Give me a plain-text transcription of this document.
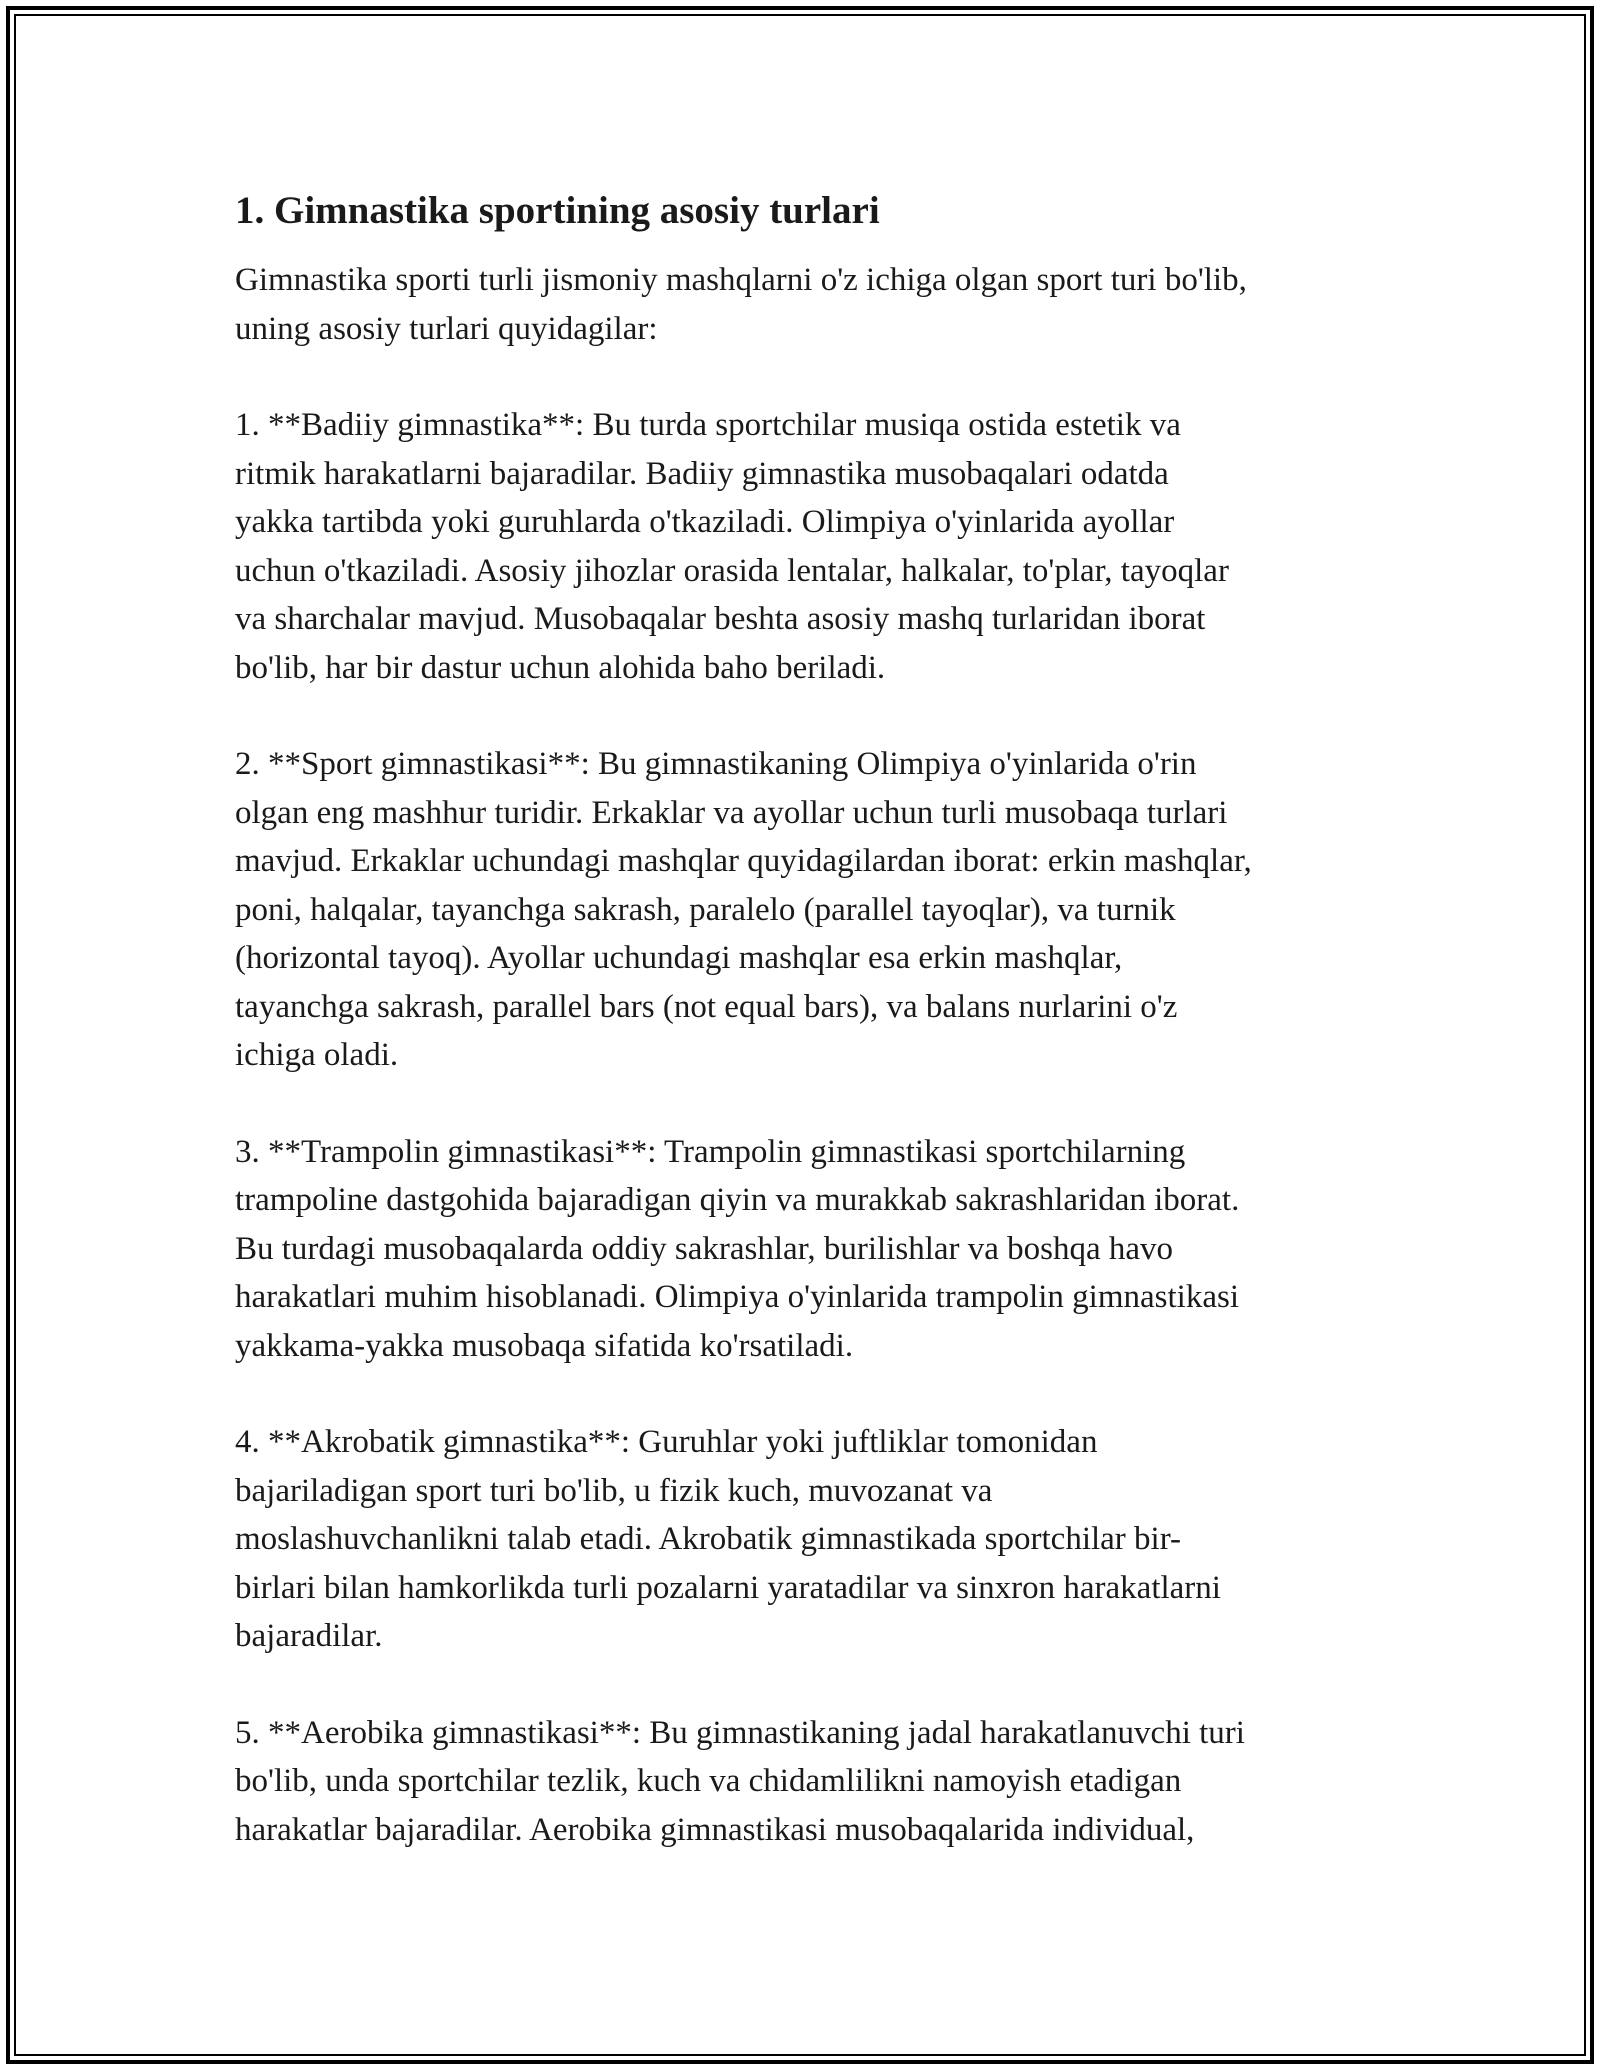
1. Gimnastika sportining asosiy turlari

Gimnastika sporti turli jismoniy mashqlarni o'z ichiga olgan sport turi bo'lib,
uning asosiy turlari quyidagilar:

1. **Badiiy gimnastika**: Bu turda sportchilar musiqa ostida estetik va
ritmik harakatlarni bajaradilar. Badiiy gimnastika musobaqalari odatda
yakka tartibda yoki guruhlarda o'tkaziladi. Olimpiya o'yinlarida ayollar
uchun o'tkaziladi. Asosiy jihozlar orasida lentalar, halkalar, to'plar, tayoqlar
va sharchalar mavjud. Musobaqalar beshta asosiy mashq turlaridan iborat
bo'lib, har bir dastur uchun alohida baho beriladi.

2. **Sport gimnastikasi**: Bu gimnastikaning Olimpiya o'yinlarida o'rin
olgan eng mashhur turidir. Erkaklar va ayollar uchun turli musobaqa turlari
mavjud. Erkaklar uchundagi mashqlar quyidagilardan iborat: erkin mashqlar,
poni, halqalar, tayanchga sakrash, paralelo (parallel tayoqlar), va turnik
(horizontal tayoq). Ayollar uchundagi mashqlar esa erkin mashqlar,
tayanchga sakrash, parallel bars (not equal bars), va balans nurlarini o'z
ichiga oladi.

3. **Trampolin gimnastikasi**: Trampolin gimnastikasi sportchilarning
trampoline dastgohida bajaradigan qiyin va murakkab sakrashlaridan iborat.
Bu turdagi musobaqalarda oddiy sakrashlar, burilishlar va boshqa havo
harakatlari muhim hisoblanadi. Olimpiya o'yinlarida trampolin gimnastikasi
yakkama-yakka musobaqa sifatida ko'rsatiladi.

4. **Akrobatik gimnastika**: Guruhlar yoki juftliklar tomonidan
bajariladigan sport turi bo'lib, u fizik kuch, muvozanat va
moslashuvchanlikni talab etadi. Akrobatik gimnastikada sportchilar bir-
birlari bilan hamkorlikda turli pozalarni yaratadilar va sinxron harakatlarni
bajaradilar.

5. **Aerobika gimnastikasi**: Bu gimnastikaning jadal harakatlanuvchi turi
bo'lib, unda sportchilar tezlik, kuch va chidamlilikni namoyish etadigan
harakatlar bajaradilar. Aerobika gimnastikasi musobaqalarida individual,
